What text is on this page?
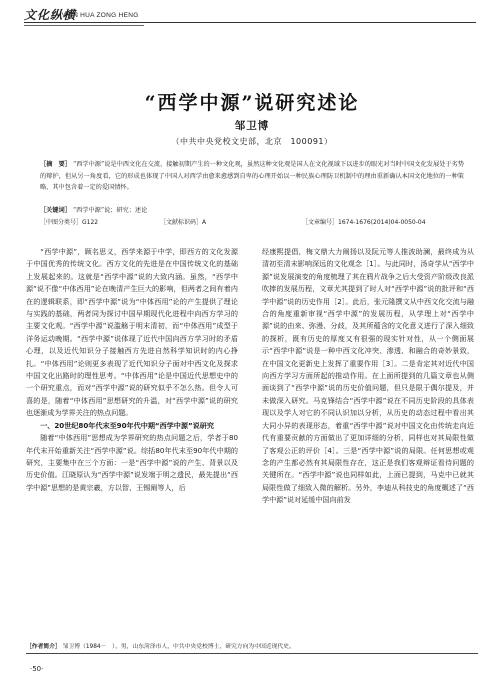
文化纵横
WEN HUA ZONG HENG
“西学中源”说研究述论
邹卫博
（中共中央党校文史部，北京　100091）
［摘　要］ “西学中源”说是中西文化在交流、接触初期产生的一种文化观，虽然这种文化观是国人在文化视域下以进步的眼光对当时中国文化发展处于劣势的辩护，但从另一角度看，它的形成也体现了中国人对西学由愈来愈感到自卑的心理开始以一种民族心理防卫机制中的理由重新确认本国文化地位的一种策略，其中包含着一定的爱国情怀。
［关键词］ “西学中源”说；研究；述论
［中图分类号］G122	［文献标识码］A	［文章编号］1674-1676(2014)04-0050-04

“西学中源”，顾名思义，西学来源于中学，即西方的文化发源于中国优秀的传统文化。西方文化的先进是在中国传统文化的基础上发展起来的。这就是“西学中源”说的大致内涵。虽然，“西学中源”说不像“中体西用”论在晚清产生巨大的影响，但两者之间有着内在的逻辑联系，即“西学中源”说为“中体西用”论的产生提供了理论与实践的基础，两者同为探讨中国早期现代化进程中向西方学习的主要文化观。“西学中源”说滥觞于明末清初，而“中体西用”成型于洋务运动晚期。“西学中源”说体现了近代中国向西方学习时的矛盾心理，以及近代知识分子接触西方先进自然科学知识时的内心挣扎。“中体西用”论则更多表现了近代知识分子面对中西文化及探求中国文化出路时的理性思考。“中体西用”论是中国近代思想史中的一个研究重点，而对“西学中源”说的研究似乎不怎么热。但令人可喜的是，随着“中体西用”思想研究的升温，对“西学中源”说的研究也逐渐成为学界关注的热点问题。

一、20世纪80年代末至90年代中期“西学中源”说研究

随着“中体西用”思想成为学界研究的热点问题之后，学者于80年代末开始重新关注“西学中源”说。综括80年代末至90年代中期的研究，主要集中在三个方面：一是“西学中源”说的产生、背景以及历史价值。江晓原认为“西学中源”说发端于明之遗民，最先提出“西学中源”思想的是黄宗羲，方以智、王锡阐等人，后

经康熙提倡，梅文鼎大力阐扬以及阮元等人推波助澜，最终成为从清初至清末影响深远的文化观念［1］。与此同时，汤奇学从“西学中源”说发展演变的角度梳理了其在鸦片战争之后大受资产阶级改良派吹捧的发展历程，文章尤其提到了时人对“西学中源”说的批评和“西学中源”说的历史作用［2］。此后，张元隆撰文从中西文化交流与融合的角度重新审视“西学中源”的发展历程，从学理上对“西学中源”说的由来、弥漫、分歧，及其所蕴含的文化意义进行了深入细致的探析，既有历史的厚度又有很强的现实针对性，从一个侧面展示“西学中源”说是一种中西文化冲突、渗透、和融合的奇妙景致，在中国文化更新史上发挥了重要作用［3］。二是肯定其对近代中国向西方学习方面所起的推动作用。在上面所提到的几篇文章也从侧面谈到了“西学中源”说的历史价值问题，但只是限于偶尔提及，并未做深入研究。马克锋结合“西学中源”说在不同历史阶段的具体表现以及学人对它的不同认识加以分析，从历史的动态过程中看出其大同小异的表现形态，着重“西学中源”说对中国文化由传统走向近代有重要贡献的方面做出了更加详细的分析，同样也对其局限性做了客观公正的评价［4］。三是“西学中源”说的局限。任何思想或观念的产生都必然有其局限性存在，这正是我们客观辩证看待问题的关键所在。“西学中源”说也同样如此，上面已提到，马克中已就其局限性做了细致入微的解析。另外，李迪从科技史的角度概述了“西学中源”说对延缓中国向前发

［作者简介］ 邹卫博（1984－　），男，山东菏泽市人，中共中央党校博士，研究方向为中国近现代史。
·50·
